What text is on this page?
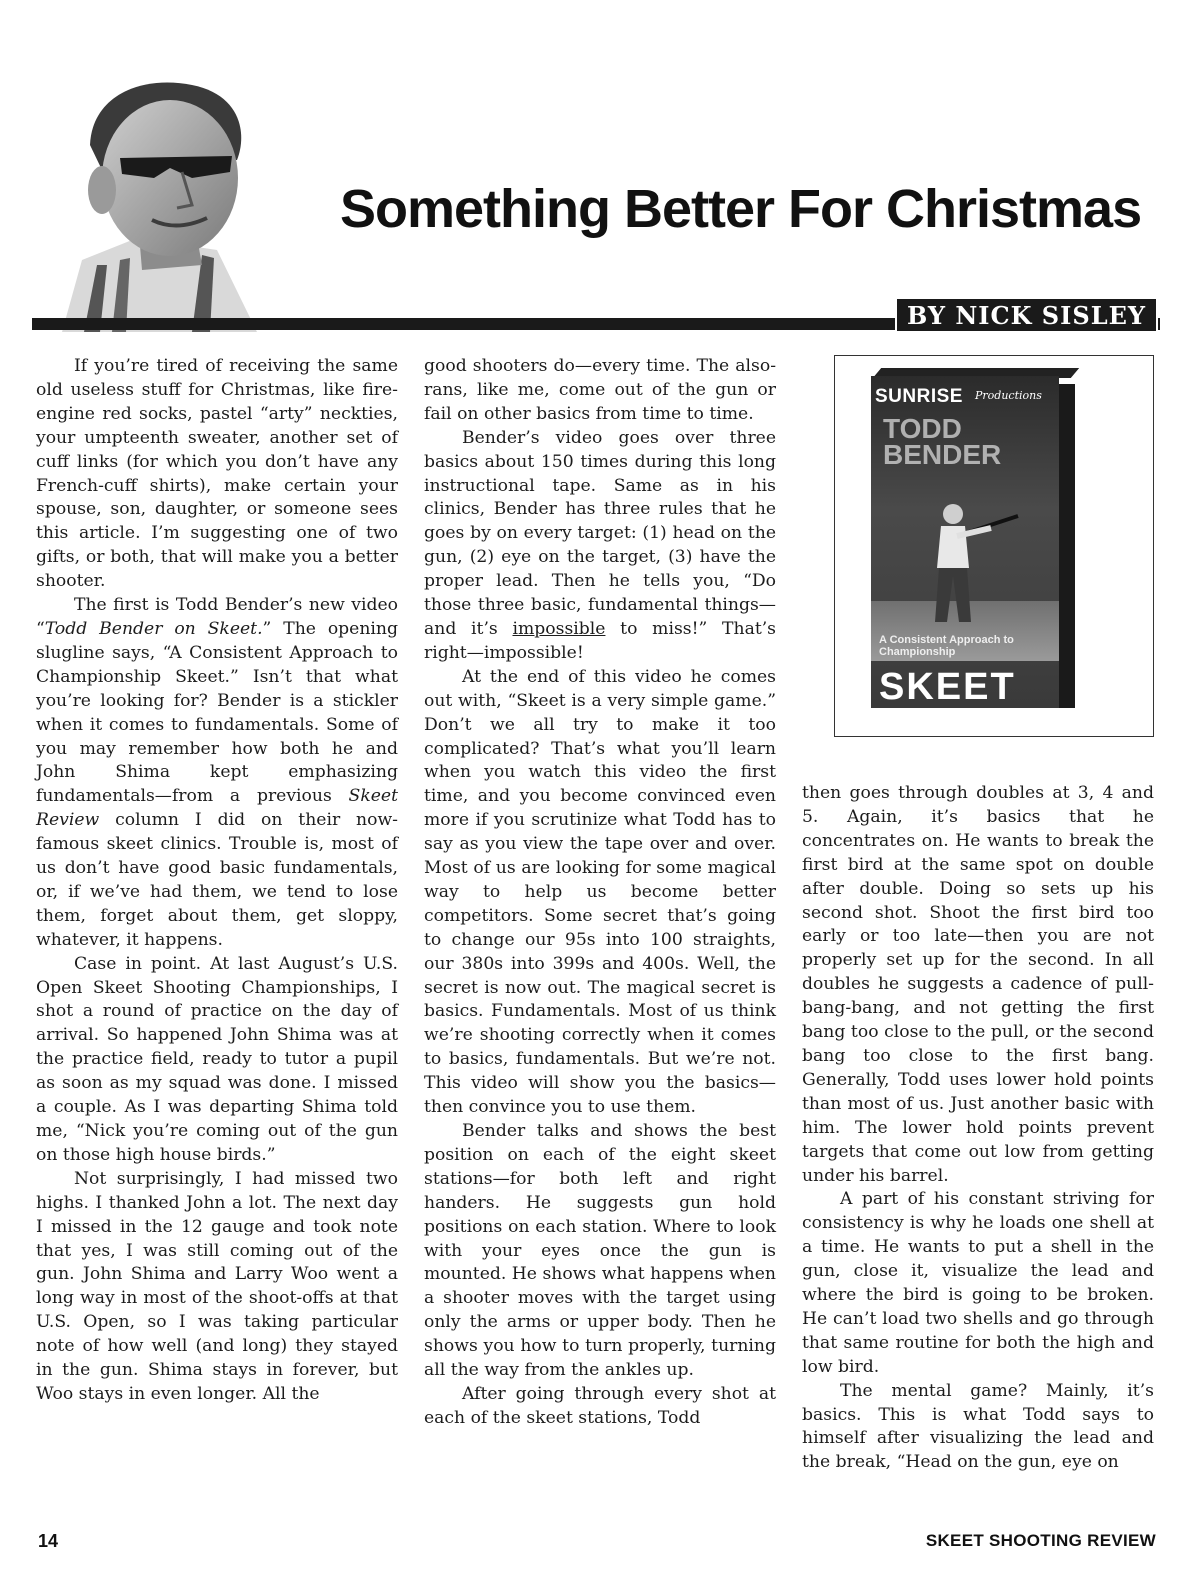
Something Better For Christmas
BY NICK SISLEY

If you’re tired of receiving the same old useless stuff for Christmas, like fire-engine red socks, pastel “arty” neckties, your umpteenth sweater, another set of cuff links (for which you don’t have any French-cuff shirts), make certain your spouse, son, daughter, or someone sees this article. I’m suggesting one of two gifts, or both, that will make you a better shooter.

The first is Todd Bender’s new video “Todd Bender on Skeet.” The opening slugline says, “A Consistent Approach to Championship Skeet.” Isn’t that what you’re looking for? Bender is a stickler when it comes to fundamentals. Some of you may remember how both he and John Shima kept emphasizing fundamentals—from a previous Skeet Review column I did on their now-famous skeet clinics. Trouble is, most of us don’t have good basic fundamentals, or, if we’ve had them, we tend to lose them, forget about them, get sloppy, whatever, it happens.

Case in point. At last August’s U.S. Open Skeet Shooting Championships, I shot a round of practice on the day of arrival. So happened John Shima was at the practice field, ready to tutor a pupil as soon as my squad was done. I missed a couple. As I was departing Shima told me, “Nick you’re coming out of the gun on those high house birds.”

Not surprisingly, I had missed two highs. I thanked John a lot. The next day I missed in the 12 gauge and took note that yes, I was still coming out of the gun. John Shima and Larry Woo went a long way in most of the shoot-offs at that U.S. Open, so I was taking particular note of how well (and long) they stayed in the gun. Shima stays in forever, but Woo stays in even longer. All the

good shooters do—every time. The also-rans, like me, come out of the gun or fail on other basics from time to time.

Bender’s video goes over three basics about 150 times during this long instructional tape. Same as in his clinics, Bender has three rules that he goes by on every target: (1) head on the gun, (2) eye on the target, (3) have the proper lead. Then he tells you, “Do those three basic, fundamental things—and it’s impossible to miss!” That’s right—impossible!

At the end of this video he comes out with, “Skeet is a very simple game.” Don’t we all try to make it too complicated? That’s what you’ll learn when you watch this video the first time, and you become convinced even more if you scrutinize what Todd has to say as you view the tape over and over. Most of us are looking for some magical way to help us become better competitors. Some secret that’s going to change our 95s into 100 straights, our 380s into 399s and 400s. Well, the secret is now out. The magical secret is basics. Fundamentals. Most of us think we’re shooting correctly when it comes to basics, fundamentals. But we’re not. This video will show you the basics—then convince you to use them.

Bender talks and shows the best position on each of the eight skeet stations—for both left and right handers. He suggests gun hold positions on each station. Where to look with your eyes once the gun is mounted. He shows what happens when a shooter moves with the target using only the arms or upper body. Then he shows you how to turn properly, turning all the way from the ankles up.

After going through every shot at each of the skeet stations, Todd

SUNRISE Productions
TODD
BENDER
A Consistent Approach to Championship
SKEET

then goes through doubles at 3, 4 and 5. Again, it’s basics that he concentrates on. He wants to break the first bird at the same spot on double after double. Doing so sets up his second shot. Shoot the first bird too early or too late—then you are not properly set up for the second. In all doubles he suggests a cadence of pull-bang-bang, and not getting the first bang too close to the pull, or the second bang too close to the first bang. Generally, Todd uses lower hold points than most of us. Just another basic with him. The lower hold points prevent targets that come out low from getting under his barrel.

A part of his constant striving for consistency is why he loads one shell at a time. He wants to put a shell in the gun, close it, visualize the lead and where the bird is going to be broken. He can’t load two shells and go through that same routine for both the high and low bird.

The mental game? Mainly, it’s basics. This is what Todd says to himself after visualizing the lead and the break, “Head on the gun, eye on

14	SKEET SHOOTING REVIEW
